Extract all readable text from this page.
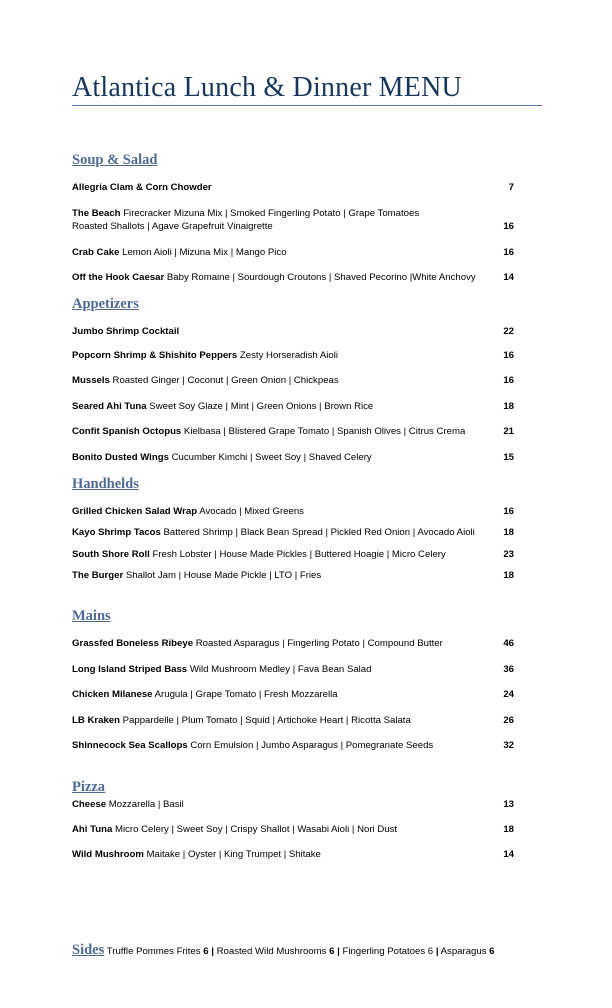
Atlantica Lunch & Dinner MENU
Soup & Salad
Allegria Clam & Corn Chowder	7
The Beach Firecracker Mizuna Mix | Smoked Fingerling Potato | Grape Tomatoes
Roasted Shallots | Agave Grapefruit Vinaigrette	16
Crab Cake Lemon Aioli | Mizuna Mix | Mango Pico	16
Off the Hook Caesar Baby Romaine | Sourdough Croutons | Shaved Pecorino |White Anchovy	14
Appetizers
Jumbo Shrimp Cocktail	22
Popcorn Shrimp & Shishito Peppers Zesty Horseradish Aioli	16
Mussels Roasted Ginger | Coconut | Green Onion | Chickpeas	16
Seared Ahi Tuna Sweet Soy Glaze | Mint | Green Onions | Brown Rice	18
Confit Spanish Octopus Kielbasa | Blistered Grape Tomato | Spanish Olives | Citrus Crema	21
Bonito Dusted Wings Cucumber Kimchi | Sweet Soy | Shaved Celery	15
Handhelds
Grilled Chicken Salad Wrap Avocado | Mixed Greens	16
Kayo Shrimp Tacos Battered Shrimp | Black Bean Spread | Pickled Red Onion | Avocado Aioli	18
South Shore Roll Fresh Lobster | House Made Pickles | Buttered Hoagie | Micro Celery	23
The Burger Shallot Jam | House Made Pickle | LTO | Fries	18
Mains
Grassfed Boneless Ribeye Roasted Asparagus | Fingerling Potato | Compound Butter	46
Long Island Striped Bass Wild Mushroom Medley | Fava Bean Salad	36
Chicken Milanese Arugula | Grape Tomato | Fresh Mozzarella	24
LB Kraken Pappardelle | Plum Tomato | Squid | Artichoke Heart | Ricotta Salata	26
Shinnecock Sea Scallops Corn Emulsion | Jumbo Asparagus | Pomegranate Seeds	32
Pizza
Cheese Mozzarella | Basil	13
Ahi Tuna Micro Celery | Sweet Soy | Crispy Shallot | Wasabi Aioli | Nori Dust	18
Wild Mushroom Maitake | Oyster | King Trumpet | Shitake	14
Sides Truffle Pommes Frites 6 | Roasted Wild Mushrooms 6 | Fingerling Potatoes 6 | Asparagus 6
